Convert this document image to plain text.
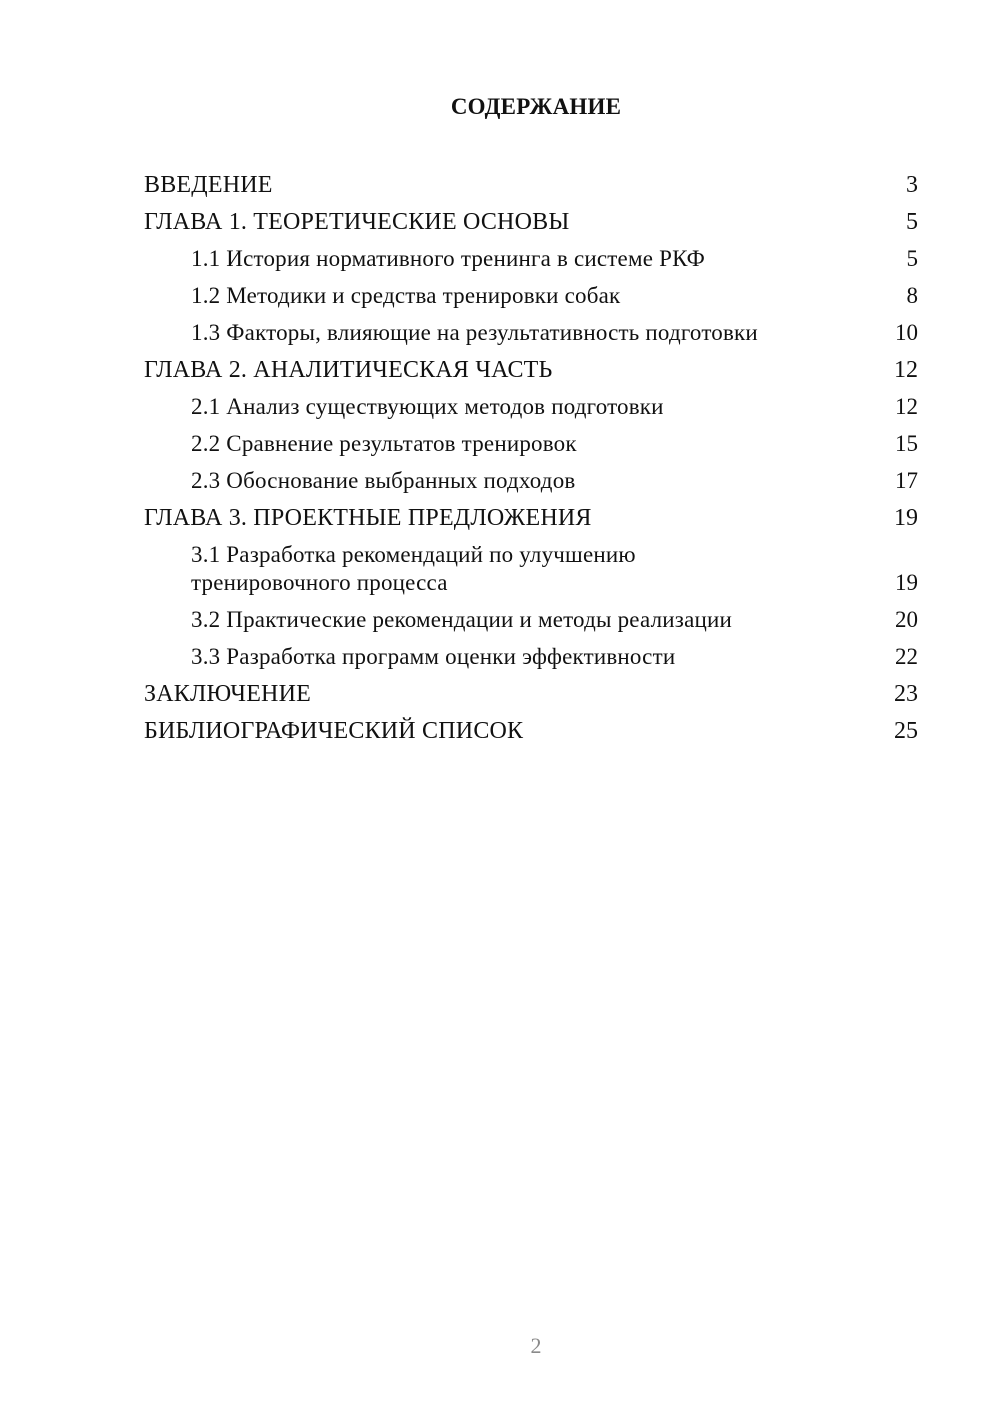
СОДЕРЖАНИЕ
ВВЕДЕНИЕ	3
ГЛАВА 1. ТЕОРЕТИЧЕСКИЕ ОСНОВЫ	5
1.1 История нормативного тренинга в системе РКФ	5
1.2 Методики и средства тренировки собак	8
1.3 Факторы, влияющие на результативность подготовки	10
ГЛАВА 2. АНАЛИТИЧЕСКАЯ ЧАСТЬ	12
2.1 Анализ существующих методов подготовки	12
2.2 Сравнение результатов тренировок	15
2.3 Обоснование выбранных подходов	17
ГЛАВА 3. ПРОЕКТНЫЕ ПРЕДЛОЖЕНИЯ	19
3.1 Разработка рекомендаций по улучшению
тренировочного процесса	19
3.2 Практические рекомендации и методы реализации	20
3.3 Разработка программ оценки эффективности	22
ЗАКЛЮЧЕНИЕ	23
БИБЛИОГРАФИЧЕСКИЙ СПИСОК	25
2
